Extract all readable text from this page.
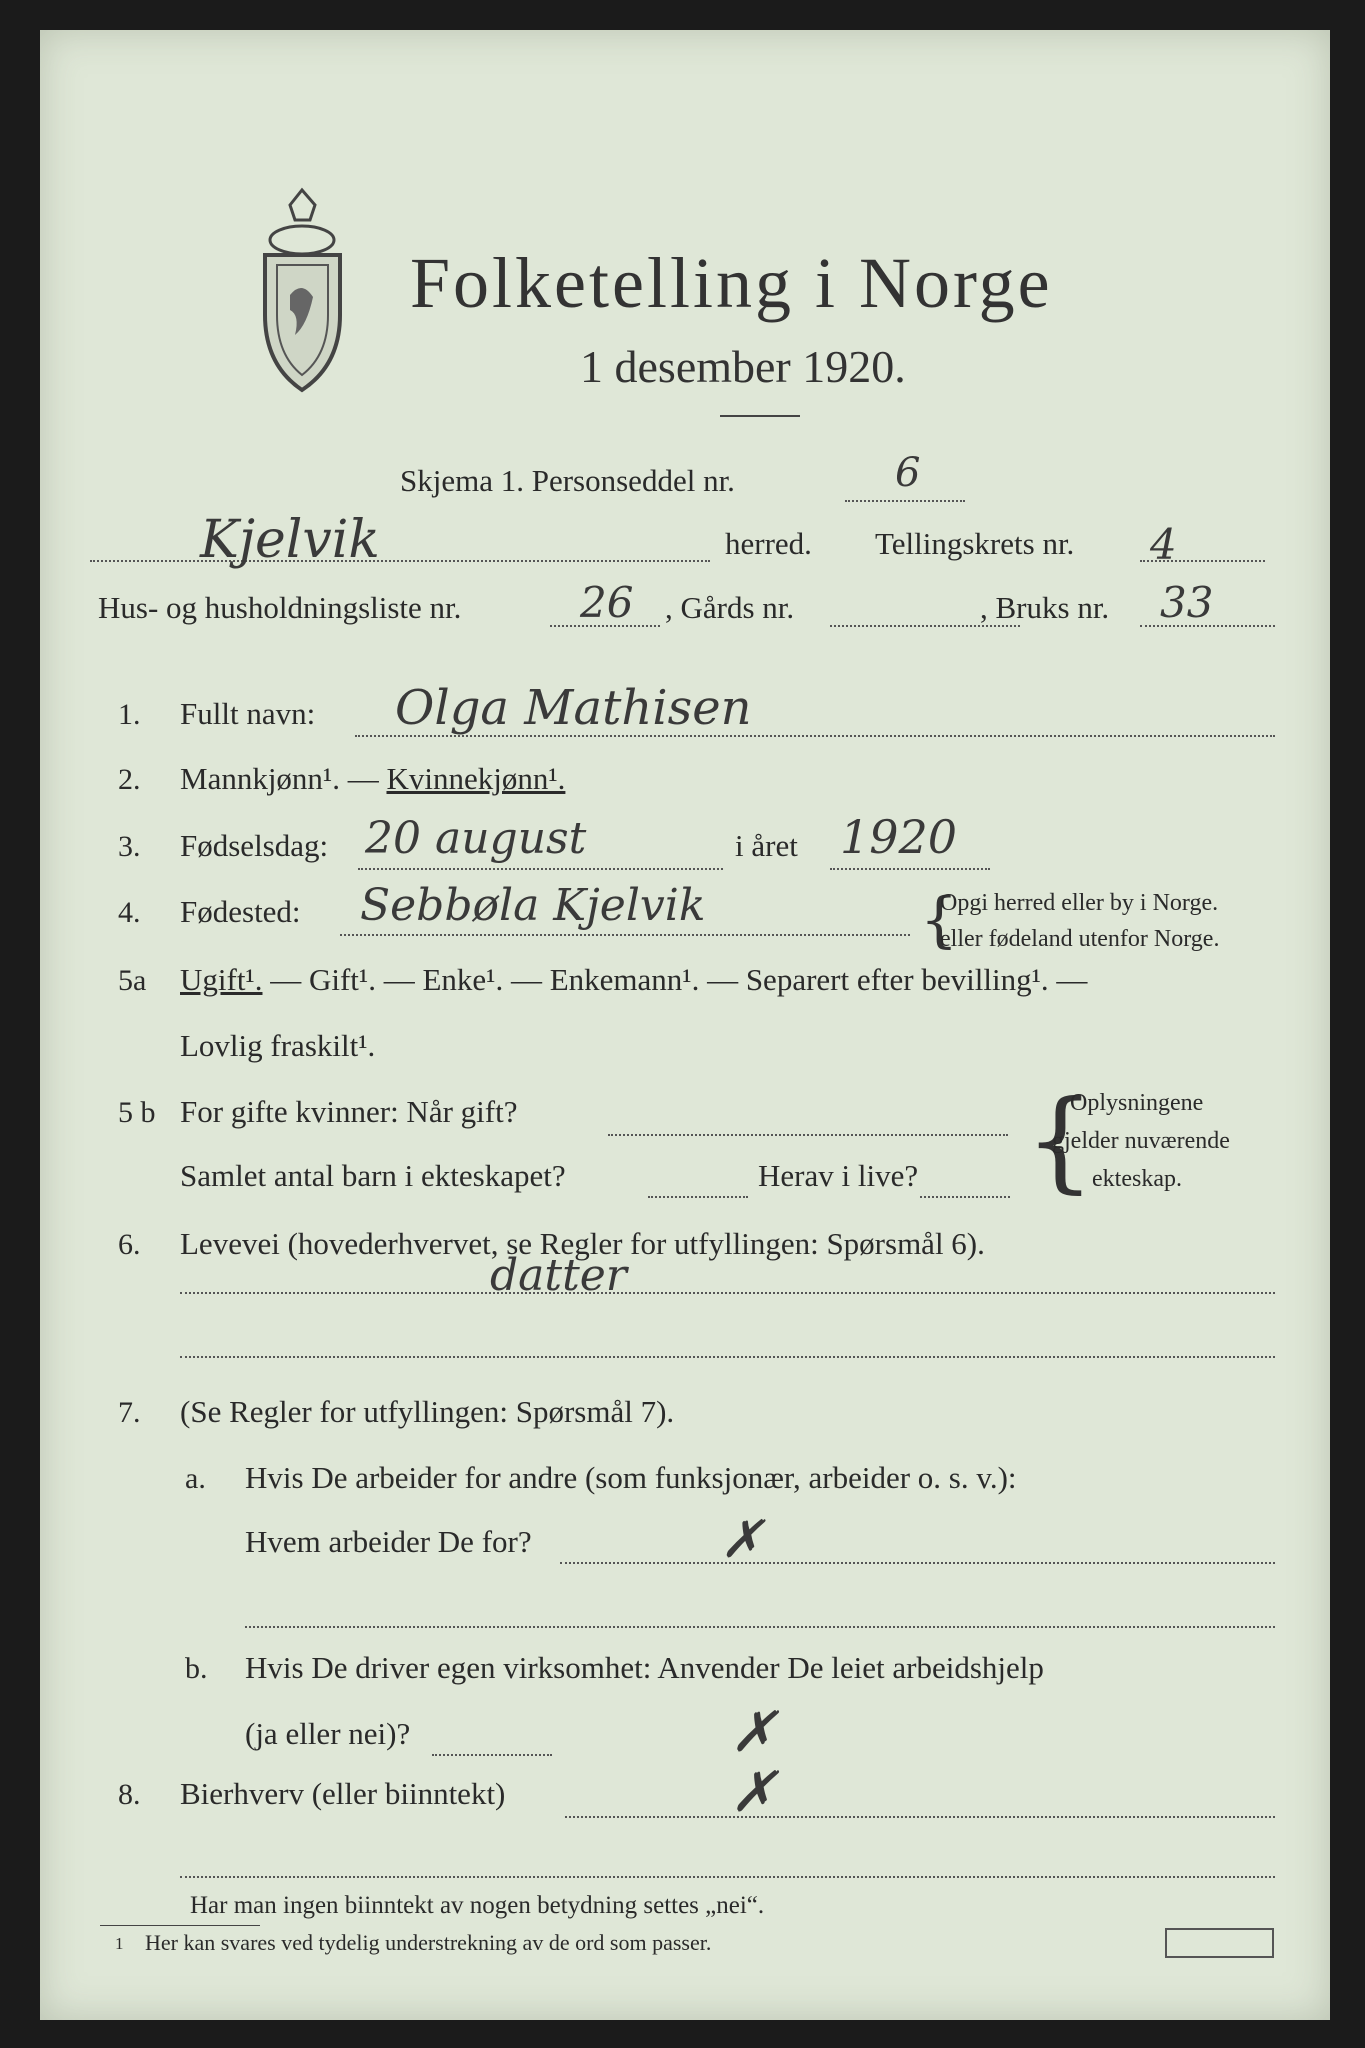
Folketelling i Norge
1 desember 1920.
Skjema 1. Personseddel nr.	6
Kjelvik	herred. Tellingskrets nr. 4
Hus- og husholdningsliste nr.	26 , Gårds nr.	, Bruks nr. 33
1. Fullt navn: Olga Mathisen
2. Mannkjønn¹. — Kvinnekjønn¹.
3. Fødselsdag: 20 august	i året 1920
4. Fødested: Sebbøla Kjelvik	{
Opgi herred eller by i Norge.
eller fødeland utenfor Norge.
5a Ugift¹. — Gift¹. — Enke¹. — Enkemann¹. — Separert efter bevilling¹. —
Lovlig fraskilt¹.
5 b For gifte kvinner: Når gift?
Samlet antal barn i ekteskapet?	Herav i live? {
Oplysningene
gjelder nuværende
ekteskap.
6. Levevei (hovederhvervet, se Regler for utfyllingen: Spørsmål 6).
datter
7. (Se Regler for utfyllingen: Spørsmål 7).
a. Hvis De arbeider for andre (som funksjonær, arbeider o. s. v.):
Hvem arbeider De for?	✗
b. Hvis De driver egen virksomhet: Anvender De leiet arbeidshjelp
(ja eller nei)?	✗
8. Bierhverv (eller biinntekt)	✗
Har man ingen biinntekt av nogen betydning settes „nei“.
1 Her kan svares ved tydelig understrekning av de ord som passer.
